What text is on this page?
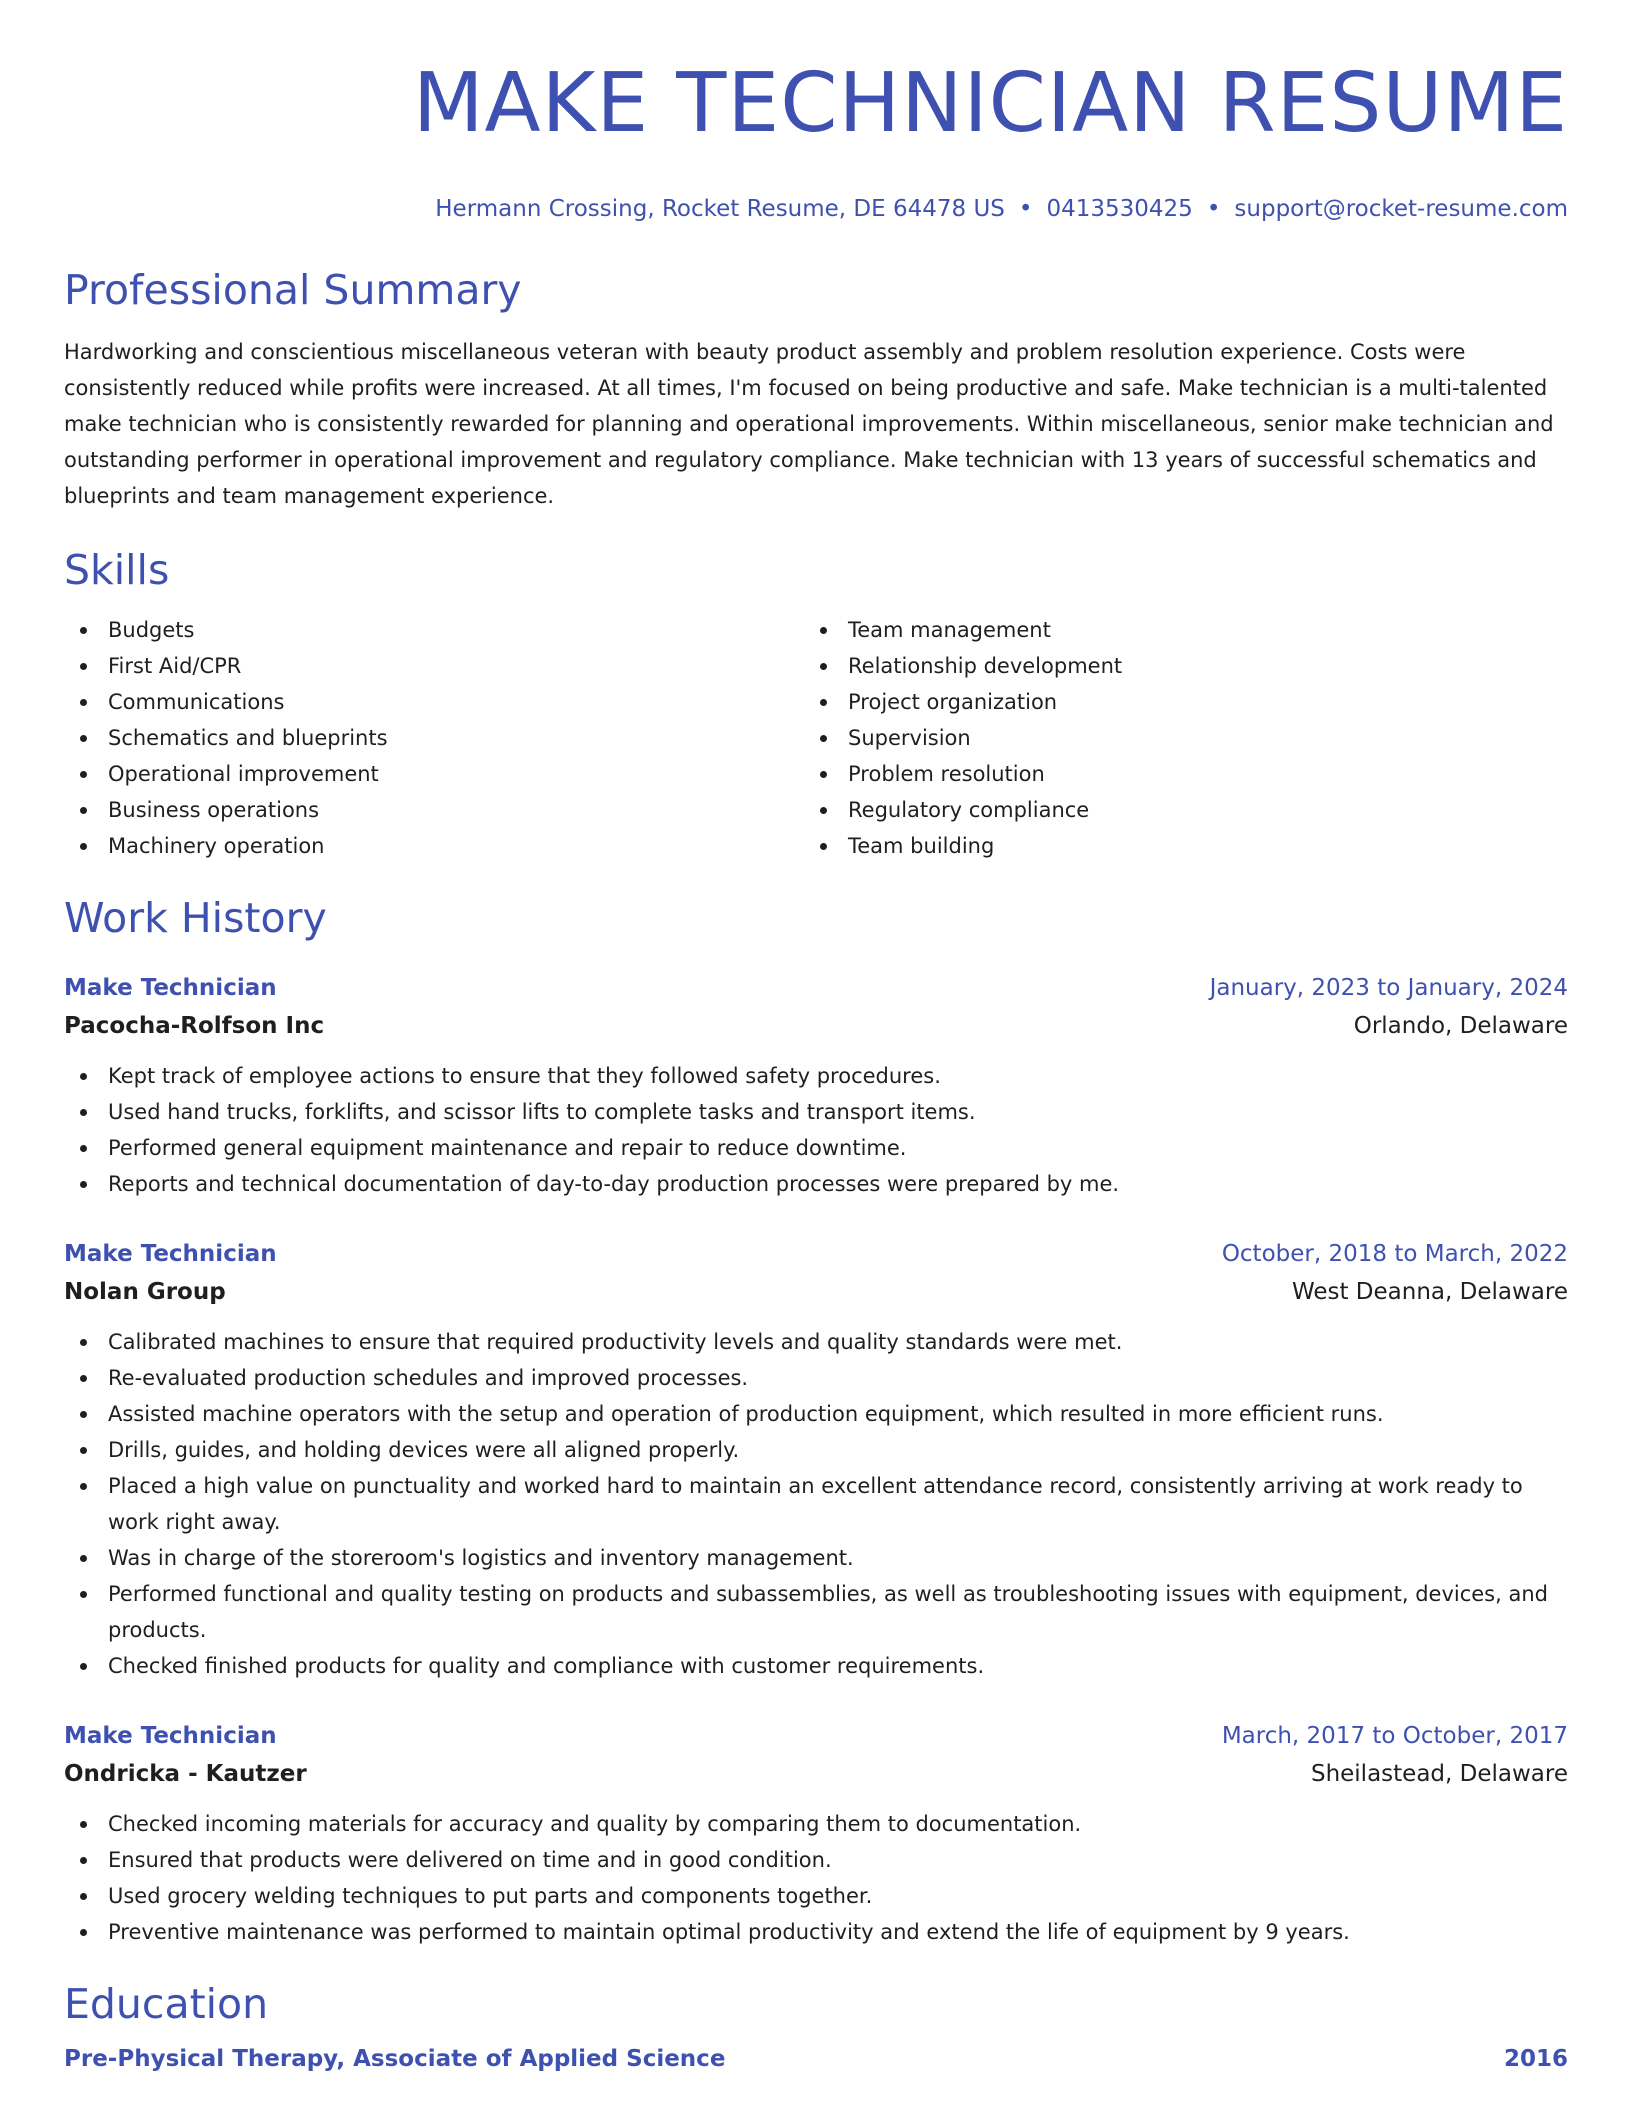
MAKE TECHNICIAN RESUME
Hermann Crossing, Rocket Resume, DE 64478 US • 0413530425 • support@rocket-resume.com
Professional Summary

Hardworking and conscientious miscellaneous veteran with beauty product assembly and problem resolution experience. Costs were consistently reduced while profits were increased. At all times, I'm focused on being productive and safe. Make technician is a multi-talented make technician who is consistently rewarded for planning and operational improvements. Within miscellaneous, senior make technician and outstanding performer in operational improvement and regulatory compliance. Make technician with 13 years of successful schematics and blueprints and team management experience.

Skills
Budgets
First Aid/CPR
Communications
Schematics and blueprints
Operational improvement
Business operations
Machinery operation
Team management
Relationship development
Project organization
Supervision
Problem resolution
Regulatory compliance
Team building
Work History
Make Technician	January, 2023 to January, 2024
Pacocha-Rolfson Inc	Orlando, Delaware
Kept track of employee actions to ensure that they followed safety procedures.
Used hand trucks, forklifts, and scissor lifts to complete tasks and transport items.
Performed general equipment maintenance and repair to reduce downtime.
Reports and technical documentation of day-to-day production processes were prepared by me.
Make Technician	October, 2018 to March, 2022
Nolan Group	West Deanna, Delaware
Calibrated machines to ensure that required productivity levels and quality standards were met.
Re-evaluated production schedules and improved processes.
Assisted machine operators with the setup and operation of production equipment, which resulted in more efficient runs.
Drills, guides, and holding devices were all aligned properly.
Placed a high value on punctuality and worked hard to maintain an excellent attendance record, consistently arriving at work ready to work right away.
Was in charge of the storeroom's logistics and inventory management.
Performed functional and quality testing on products and subassemblies, as well as troubleshooting issues with equipment, devices, and products.
Checked finished products for quality and compliance with customer requirements.
Make Technician	March, 2017 to October, 2017
Ondricka - Kautzer	Sheilastead, Delaware
Checked incoming materials for accuracy and quality by comparing them to documentation.
Ensured that products were delivered on time and in good condition.
Used grocery welding techniques to put parts and components together.
Preventive maintenance was performed to maintain optimal productivity and extend the life of equipment by 9 years.
Education
Pre-Physical Therapy, Associate of Applied Science	2016
